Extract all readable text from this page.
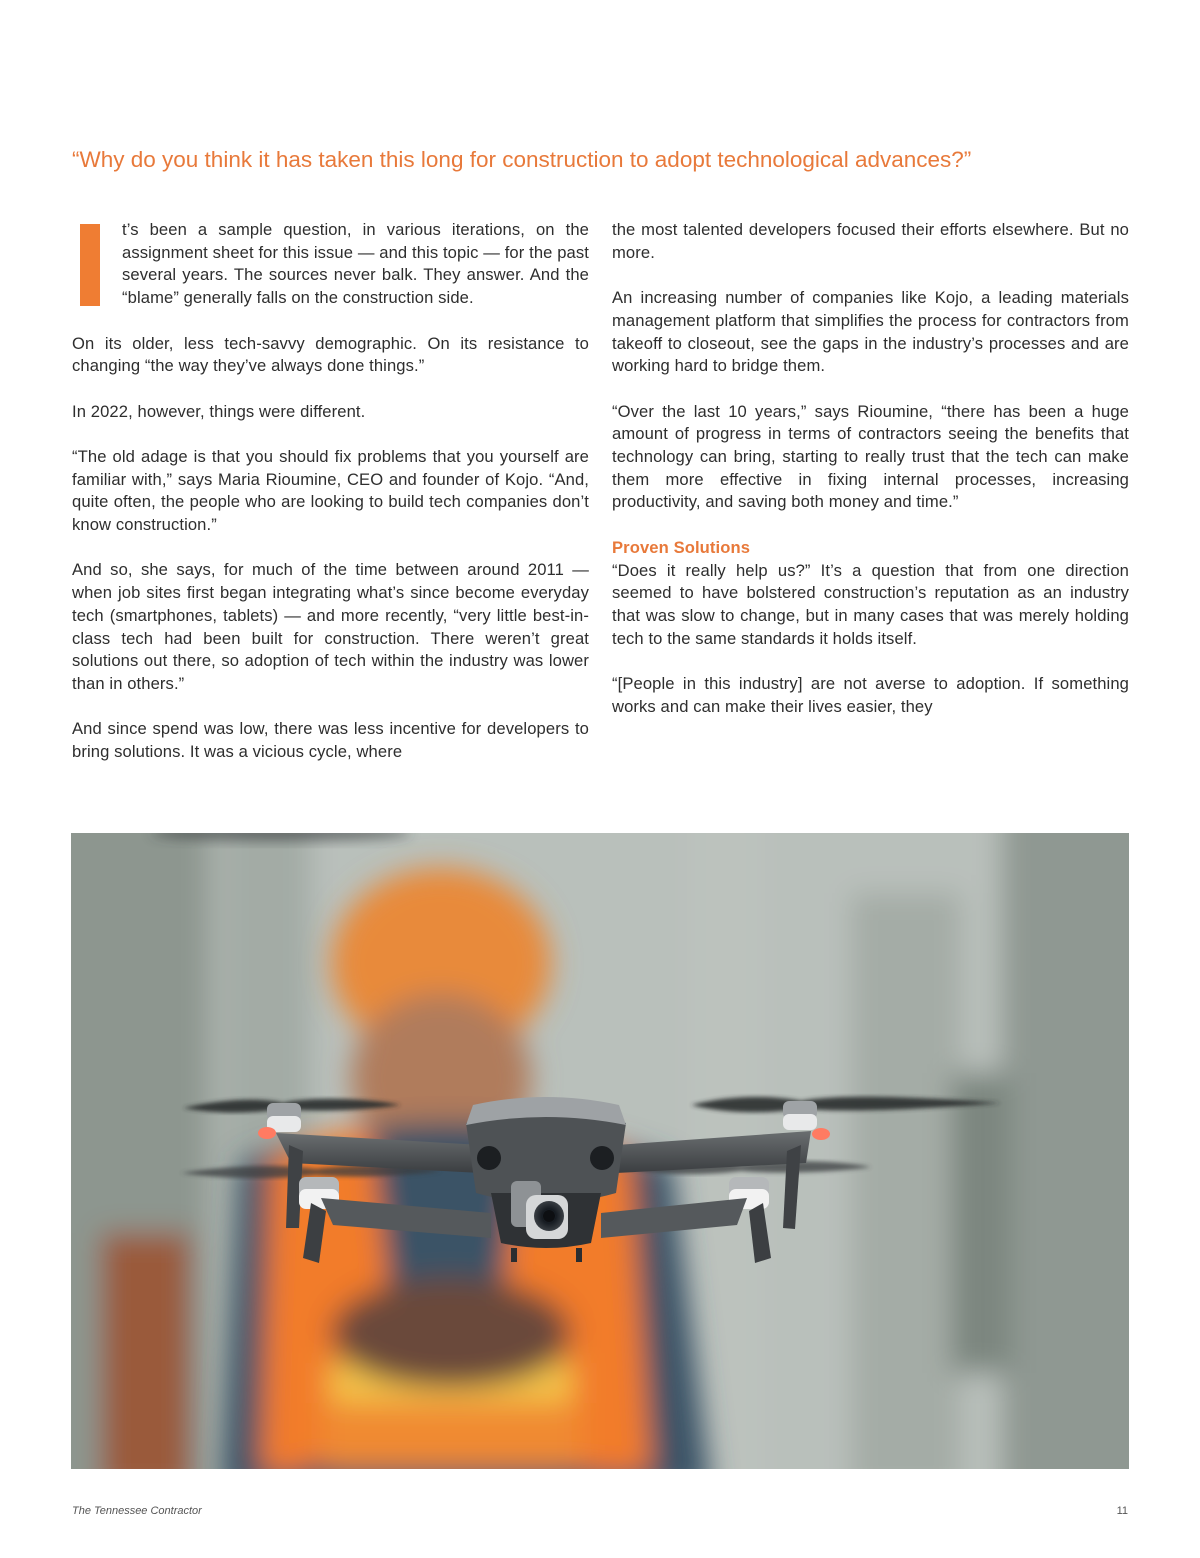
“Why do you think it has taken this long for construction to adopt technological advances?”

t’s been a sample question, in various iterations, on the assignment sheet for this issue — and this topic — for the past several years. The sources never balk. They answer. And the “blame” generally falls on the construction side.

On its older, less tech-savvy demographic. On its resistance to changing “the way they’ve always done things.”

In 2022, however, things were different.

“The old adage is that you should fix problems that you yourself are familiar with,” says Maria Rioumine, CEO and founder of Kojo. “And, quite often, the people who are looking to build tech companies don’t know construction.”

And so, she says, for much of the time between around 2011 — when job sites first began integrating what’s since become everyday tech (smartphones, tablets) — and more recently, “very little best-in-class tech had been built for construction. There weren’t great solutions out there, so adoption of tech within the industry was lower than in others.”

And since spend was low, there was less incentive for developers to bring solutions. It was a vicious cycle, where

the most talented developers focused their efforts elsewhere. But no more.

An increasing number of companies like Kojo, a leading materials management platform that simplifies the process for contractors from takeoff to closeout, see the gaps in the industry’s processes and are working hard to bridge them.

“Over the last 10 years,” says Rioumine, “there has been a huge amount of progress in terms of contractors seeing the benefits that technology can bring, starting to really trust that the tech can make them more effective in fixing internal processes, increasing productivity, and saving both money and time.”

Proven Solutions
“Does it really help us?” It’s a question that from one direction seemed to have bolstered construction’s reputation as an industry that was slow to change, but in many cases that was merely holding tech to the same standards it holds itself.

“[People in this industry] are not averse to adoption. If something works and can make their lives easier, they

The Tennessee Contractor	11
